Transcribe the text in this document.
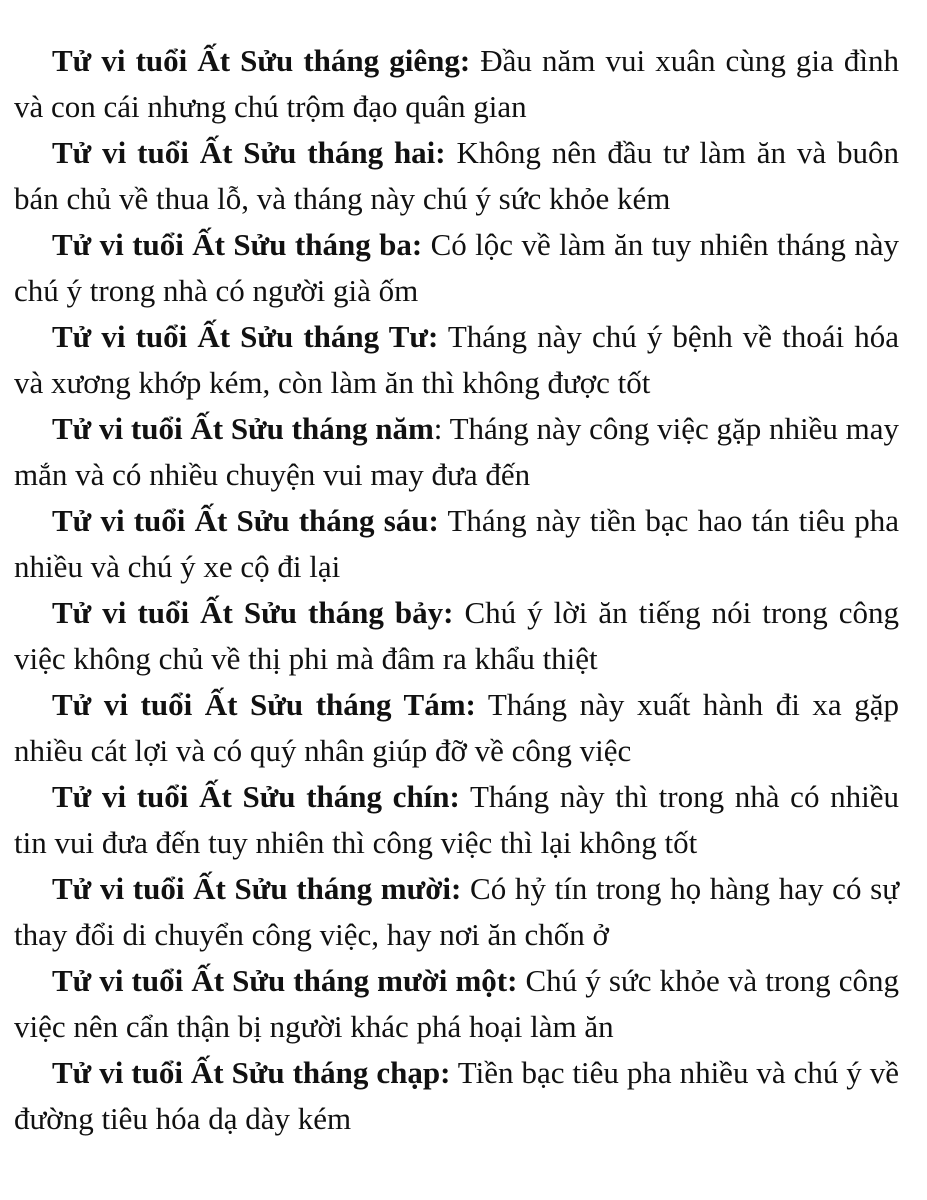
Tử vi tuổi Ất Sửu tháng giêng: Đầu năm vui xuân cùng gia đình và con cái nhưng chú trộm đạo quân gian

Tử vi tuổi Ất Sửu tháng hai: Không nên đầu tư làm ăn và buôn bán chủ về thua lỗ, và tháng này chú ý sức khỏe kém

Tử vi tuổi Ất Sửu tháng ba: Có lộc về làm ăn tuy nhiên tháng này chú ý trong nhà có người già ốm

Tử vi tuổi Ất Sửu tháng Tư: Tháng này chú ý bệnh về thoái hóa và xương khớp kém, còn làm ăn thì không được tốt

Tử vi tuổi Ất Sửu tháng năm: Tháng này công việc gặp nhiều may mắn và có nhiều chuyện vui may đưa đến

Tử vi tuổi Ất Sửu tháng sáu: Tháng này tiền bạc hao tán tiêu pha nhiều và chú ý xe cộ đi lại

Tử vi tuổi Ất Sửu tháng bảy: Chú ý lời ăn tiếng nói trong công việc không chủ về thị phi mà đâm ra khẩu thiệt

Tử vi tuổi Ất Sửu tháng Tám: Tháng này xuất hành đi xa gặp nhiều cát lợi và có quý nhân giúp đỡ về công việc

Tử vi tuổi Ất Sửu tháng chín: Tháng này thì trong nhà có nhiều tin vui đưa đến tuy nhiên thì công việc thì lại không tốt

Tử vi tuổi Ất Sửu tháng mười: Có hỷ tín trong họ hàng hay có sự thay đổi di chuyển công việc, hay nơi ăn chốn ở

Tử vi tuổi Ất Sửu tháng mười một: Chú ý sức khỏe và trong công việc nên cẩn thận bị người khác phá hoại làm ăn

Tử vi tuổi Ất Sửu tháng chạp: Tiền bạc tiêu pha nhiều và chú ý về đường tiêu hóa dạ dày kém
